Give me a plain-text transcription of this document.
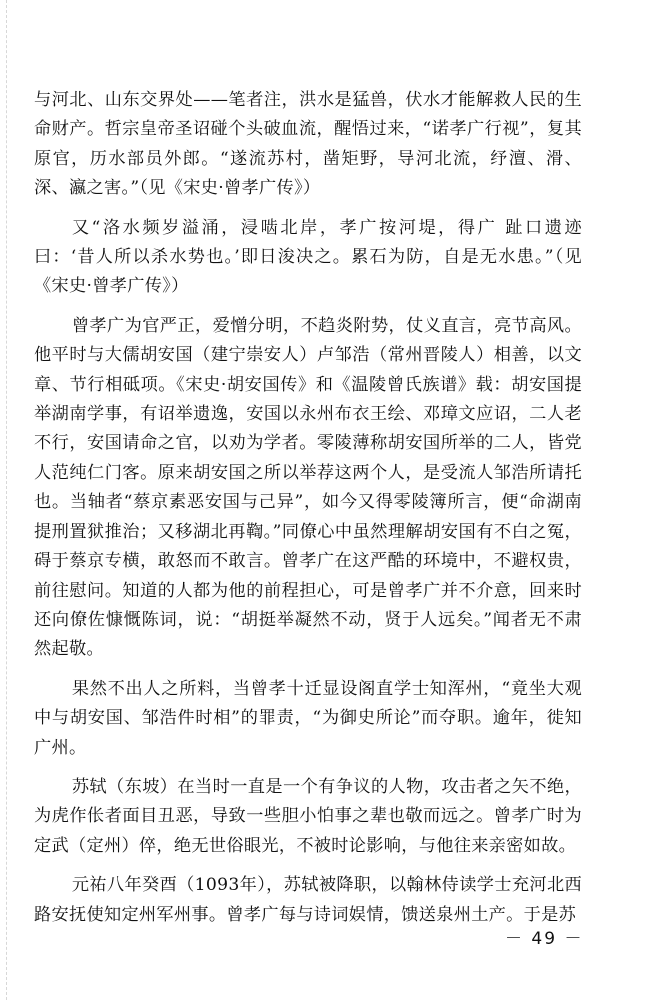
与河北、山东交界处——笔者注，洪水是猛兽，伏水才能解救人民的生命财产。哲宗皇帝圣诏碰个头破血流，醒悟过来，“诺孝广行视”，复其原官，历水部员外郎。“遂流苏村，凿矩野，导河北流，纾澶、滑、深、瀛之害。”（见《宋史·曾孝广传》）

又“洛水频岁溢涌，浸啮北岸，孝广按河堤，得广 趾口遗迹曰：‘昔人所以杀水势也。’即日浚决之。累石为防，自是无水患。”（见《宋史·曾孝广传》）

曾孝广为官严正，爱憎分明，不趋炎附势，仗义直言，亮节高风。他平时与大儒胡安国（建宁崇安人）卢邹浩（常州晋陵人）相善，以文章、节行相砥项。《宋史·胡安国传》和《温陵曾氏族谱》载：胡安国提举湖南学事，有诏举遗逸，安国以永州布衣王绘、邓璋文应诏，二人老不行，安国请命之官，以劝为学者。零陵薄称胡安国所举的二人，皆党人范纯仁门客。原来胡安国之所以举荐这两个人，是受流人邹浩所请托也。当轴者“蔡京素恶安国与己异”，如今又得零陵簿所言，便“命湖南提刑置狱推治；又移湖北再鞫。”同僚心中虽然理解胡安国有不白之冤，碍于蔡京专横，敢怒而不敢言。曾孝广在这严酷的环境中，不避权贵，前往慰问。知道的人都为他的前程担心，可是曾孝广并不介意，回来时还向僚佐慷慨陈词，说：“胡挺举凝然不动，贤于人远矣。”闻者无不肃然起敬。

果然不出人之所料，当曾孝十迁显设阁直学士知浑州，“竟坐大观中与胡安国、邹浩件时相”的罪责，“为御史所论”而夺职。逾年，徙知广州。

苏轼（东坡）在当时一直是一个有争议的人物，攻击者之矢不绝，为虎作伥者面目丑恶，导致一些胆小怕事之辈也敬而远之。曾孝广时为定武（定州）倅，绝无世俗眼光，不被时论影响，与他往来亲密如故。

元祐八年癸酉（1093年），苏轼被降职，以翰林侍读学士充河北西路安抚使知定州军州事。曾孝广每与诗词娱情，馈送泉州土产。于是苏

－ 49 －
